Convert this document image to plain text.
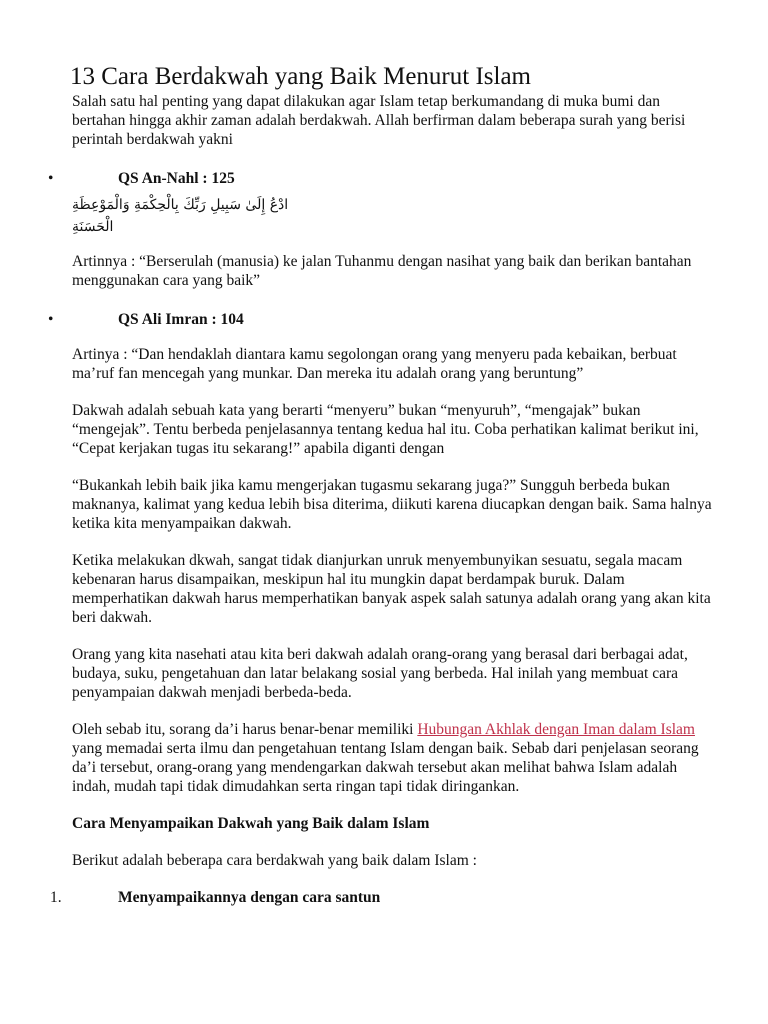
13 Cara Berdakwah yang Baik Menurut Islam

Salah satu hal penting yang dapat dilakukan agar Islam tetap berkumandang di muka bumi dan bertahan hingga akhir zaman adalah berdakwah. Allah berfirman dalam beberapa surah yang berisi perintah berdakwah yakni

•	QS An-Nahl : 125
ادْعُ إِلَىٰ سَبِيلِ رَبِّكَ بِالْحِكْمَةِ وَالْمَوْعِظَةِ الْحَسَنَةِ

Artinnya : “Berserulah (manusia) ke jalan Tuhanmu dengan nasihat yang baik dan berikan bantahan menggunakan cara yang baik”

•	QS Ali Imran : 104

Artinya : “Dan hendaklah diantara kamu segolongan orang yang menyeru pada kebaikan, berbuat ma’ruf fan mencegah yang munkar. Dan mereka itu adalah orang yang beruntung”

Dakwah adalah sebuah kata yang berarti “menyeru” bukan “menyuruh”, “mengajak” bukan “mengejak”. Tentu berbeda penjelasannya tentang kedua hal itu. Coba perhatikan kalimat berikut ini, “Cepat kerjakan tugas itu sekarang!” apabila diganti dengan

“Bukankah lebih baik jika kamu mengerjakan tugasmu sekarang juga?” Sungguh berbeda bukan maknanya, kalimat yang kedua lebih bisa diterima, diikuti karena diucapkan dengan baik. Sama halnya ketika kita menyampaikan dakwah.

Ketika melakukan dkwah, sangat tidak dianjurkan unruk menyembunyikan sesuatu, segala macam kebenaran harus disampaikan, meskipun hal itu mungkin dapat berdampak buruk. Dalam memperhatikan dakwah harus memperhatikan banyak aspek salah satunya adalah orang yang akan kita beri dakwah.

Orang yang kita nasehati atau kita beri dakwah adalah orang-orang yang berasal dari berbagai adat, budaya, suku, pengetahuan dan latar belakang sosial yang berbeda. Hal inilah yang membuat cara penyampaian dakwah menjadi berbeda-beda.

Oleh sebab itu, sorang da’i harus benar-benar memiliki Hubungan Akhlak dengan Iman dalam Islam yang memadai serta ilmu dan pengetahuan tentang Islam dengan baik. Sebab dari penjelasan seorang da’i tersebut, orang-orang yang mendengarkan dakwah tersebut akan melihat bahwa Islam adalah indah, mudah tapi tidak dimudahkan serta ringan tapi tidak diringankan.

Cara Menyampaikan Dakwah yang Baik dalam Islam

Berikut adalah beberapa cara berdakwah yang baik dalam Islam :

1.	Menyampaikannya dengan cara santun
